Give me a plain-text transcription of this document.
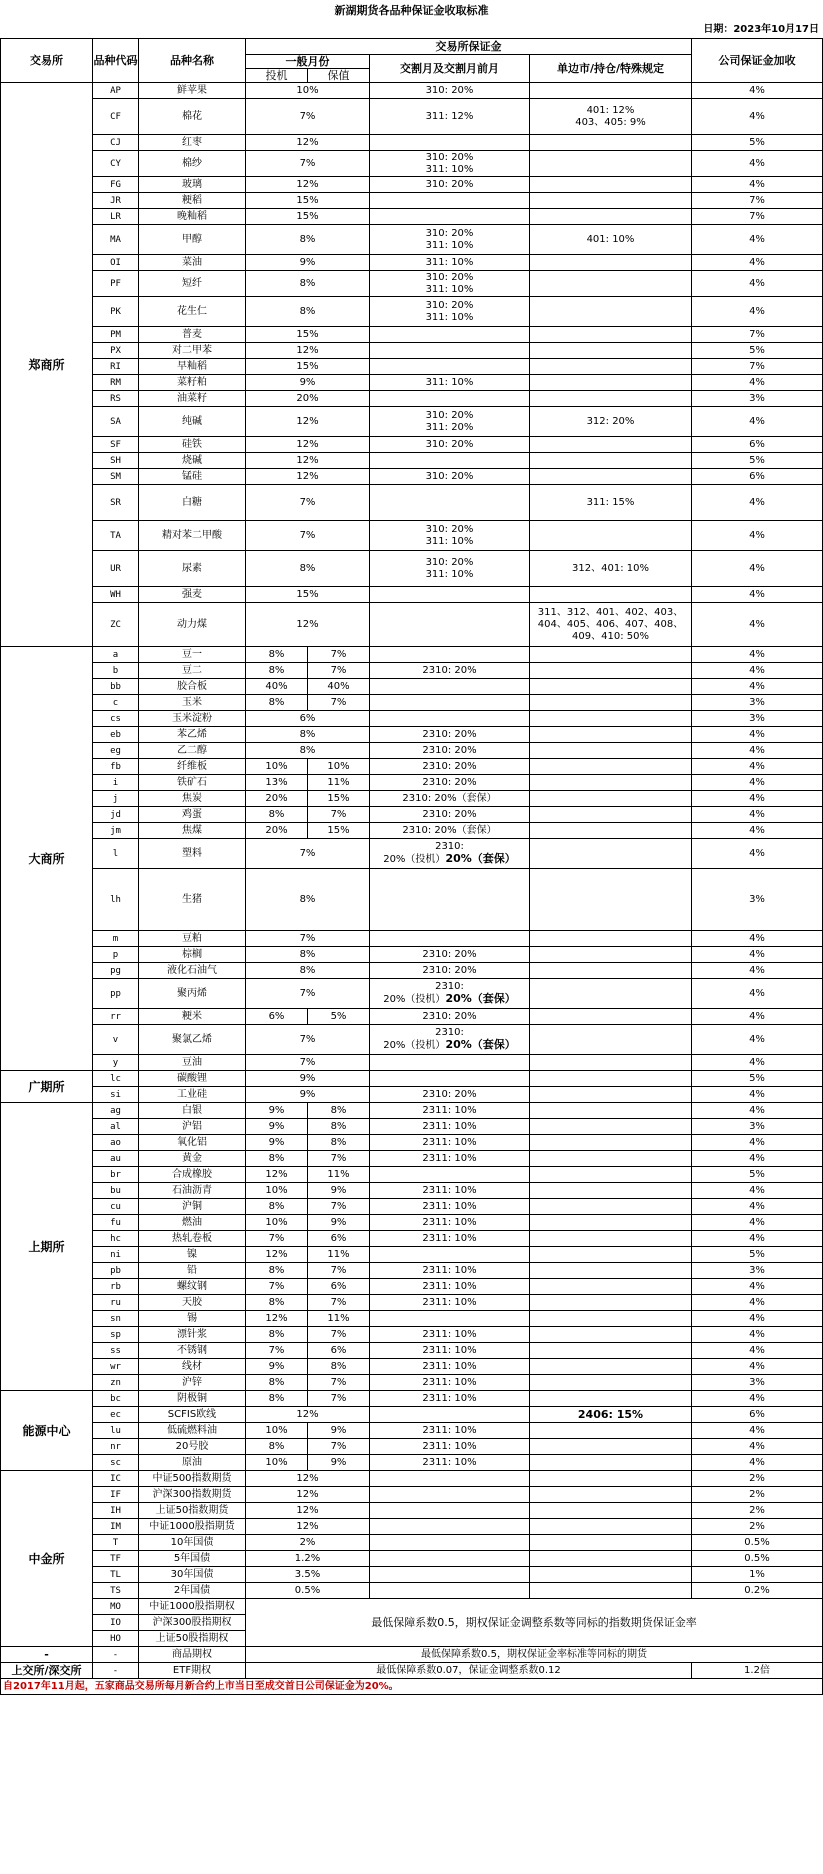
新湖期货各品种保证金收取标准
日期：2023年10月17日
交易所	品种代码	品种名称	交易所保证金				公司保证金加收
			一般月份		交割月及交割月前月	单边市/持仓/特殊规定	
			投机	保值			
郑商所	AP	鲜苹果	10%		310: 20%		4%
	CF	棉花	7%		311: 12%	401: 12%
403、405: 9%	4%
	CJ	红枣	12%				5%
	CY	棉纱	7%		310: 20%
311: 10%		4%
	FG	玻璃	12%		310: 20%		4%
	JR	粳稻	15%				7%
	LR	晚籼稻	15%				7%
	MA	甲醇	8%		310: 20%
311: 10%	401: 10%	4%
	OI	菜油	9%		311: 10%		4%
	PF	短纤	8%		310: 20%
311: 10%		4%
	PK	花生仁	8%		310: 20%
311: 10%		4%
	PM	普麦	15%				7%
	PX	对二甲苯	12%				5%
	RI	早籼稻	15%				7%
	RM	菜籽粕	9%		311: 10%		4%
	RS	油菜籽	20%				3%
	SA	纯碱	12%		310: 20%
311: 20%	312: 20%	4%
	SF	硅铁	12%		310: 20%		6%
	SH	烧碱	12%				5%
	SM	锰硅	12%		310: 20%		6%
	SR	白糖	7%			311: 15%	4%
	TA	精对苯二甲酸	7%		310: 20%
311: 10%		4%
	UR	尿素	8%		310: 20%
311: 10%	312、401: 10%	4%
	WH	强麦	15%				4%
	ZC	动力煤	12%			311、312、401、402、403、
404、405、406、407、408、
409、410: 50%	4%
大商所	a	豆一	8%	7%			4%
	b	豆二	8%	7%	2310: 20%		4%
	bb	胶合板	40%	40%			4%
	c	玉米	8%	7%			3%
	cs	玉米淀粉	6%				3%
	eb	苯乙烯	8%		2310: 20%		4%
	eg	乙二醇	8%		2310: 20%		4%
	fb	纤维板	10%	10%	2310: 20%		4%
	i	铁矿石	13%	11%	2310: 20%		4%
	j	焦炭	20%	15%	2310: 20%（套保）		4%
	jd	鸡蛋	8%	7%	2310: 20%		4%
	jm	焦煤	20%	15%	2310: 20%（套保）		4%
	l	塑料	7%		2310:
20%（投机）20%（套保）		4%
	lh	生猪	8%				3%
	m	豆粕	7%				4%
	p	棕榈	8%		2310: 20%		4%
	pg	液化石油气	8%		2310: 20%		4%
	pp	聚丙烯	7%		2310:
20%（投机）20%（套保）		4%
	rr	粳米	6%	5%	2310: 20%		4%
	v	聚氯乙烯	7%		2310:
20%（投机）20%（套保）		4%
	y	豆油	7%				4%
广期所	lc	碳酸锂	9%				5%
	si	工业硅	9%		2310: 20%		4%
上期所	ag	白银	9%	8%	2311: 10%		4%
	al	沪铝	9%	8%	2311: 10%		3%
	ao	氧化铝	9%	8%	2311: 10%		4%
	au	黄金	8%	7%	2311: 10%		4%
	br	合成橡胶	12%	11%			5%
	bu	石油沥青	10%	9%	2311: 10%		4%
	cu	沪铜	8%	7%	2311: 10%		4%
	fu	燃油	10%	9%	2311: 10%		4%
	hc	热轧卷板	7%	6%	2311: 10%		4%
	ni	镍	12%	11%			5%
	pb	铅	8%	7%	2311: 10%		3%
	rb	螺纹钢	7%	6%	2311: 10%		4%
	ru	天胶	8%	7%	2311: 10%		4%
	sn	锡	12%	11%			4%
	sp	漂针浆	8%	7%	2311: 10%		4%
	ss	不锈钢	7%	6%	2311: 10%		4%
	wr	线材	9%	8%	2311: 10%		4%
	zn	沪锌	8%	7%	2311: 10%		3%
能源中心	bc	阴极铜	8%	7%	2311: 10%		4%
	ec	SCFIS欧线	12%			2406: 15%	6%
	lu	低硫燃料油	10%	9%	2311: 10%		4%
	nr	20号胶	8%	7%	2311: 10%		4%
	sc	原油	10%	9%	2311: 10%		4%
中金所	IC	中证500指数期货	12%				2%
	IF	沪深300指数期货	12%				2%
	IH	上证50指数期货	12%				2%
	IM	中证1000股指期货	12%				2%
	T	10年国债	2%				0.5%
	TF	5年国债	1.2%				0.5%
	TL	30年国债	3.5%				1%
	TS	2年国债	0.5%				0.2%
	MO	中证1000股指期权	最低保障系数0.5，期权保证金调整系数等同标的指数期货保证金率				
	IO	沪深300股指期权					
	HO	上证50股指期权					
-	-	商品期权	最低保障系数0.5，期权保证金率标准等同标的期货				
上交所/深交所	-	ETF期权	最低保障系数0.07，保证金调整系数0.12				1.2倍
自2017年11月起，五家商品交易所每月新合约上市当日至成交首日公司保证金为20%。							
